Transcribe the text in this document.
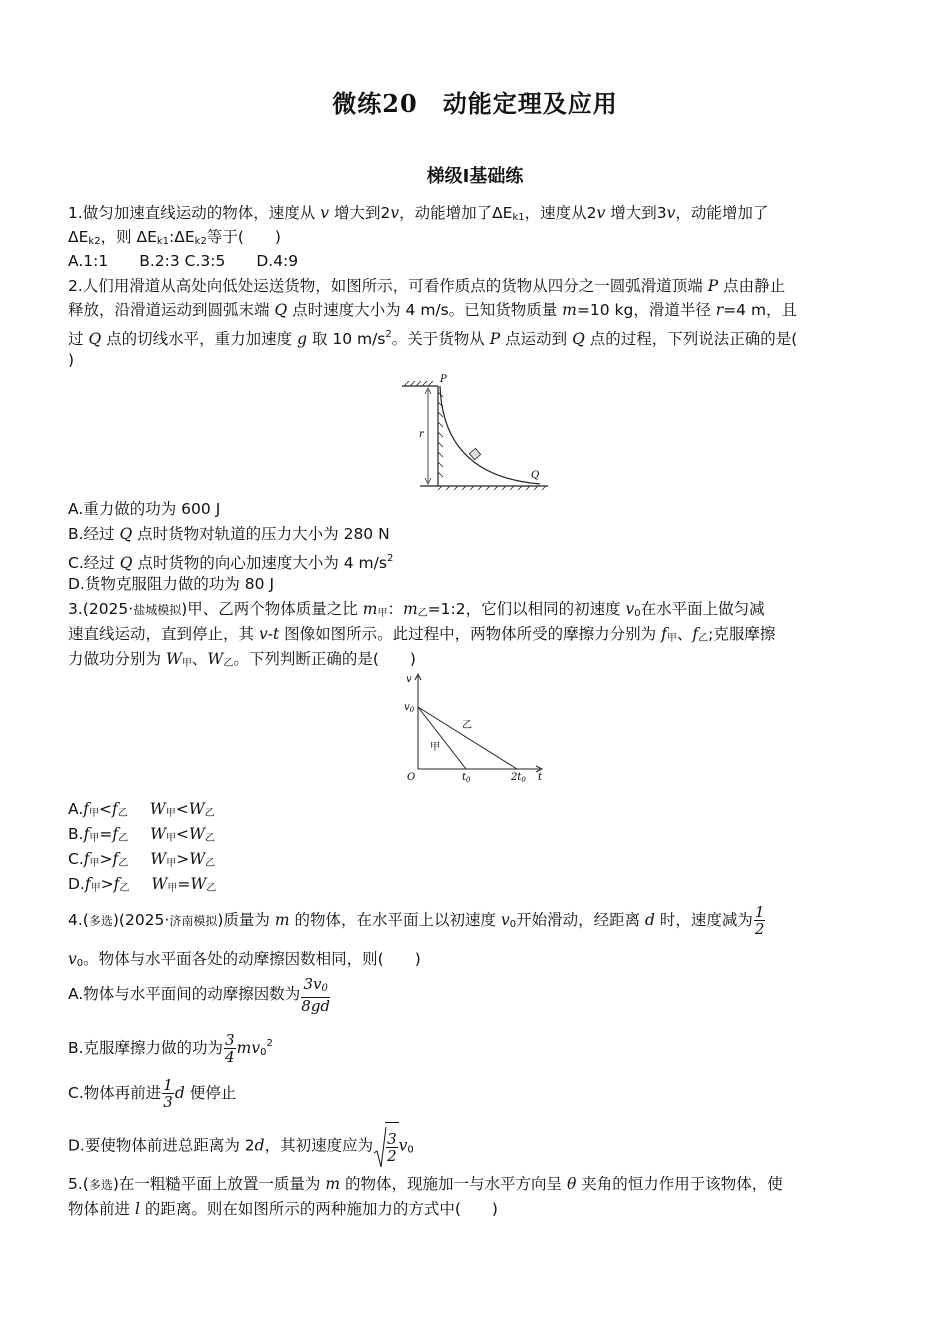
微练20　动能定理及应用
梯级Ⅰ基础练
1.做匀加速直线运动的物体，速度从 v 增大到2v，动能增加了$\Delta E_{k1}$，速度从2v 增大到3v，动能增加了
$\Delta E_{k2}$，则 $\Delta E_{k1}:\Delta E_{k2}$等于(　　)
A.1:1　　B.2:3 C.3:5　　D.4:9
2.人们用滑道从高处向低处运送货物，如图所示，可看作质点的货物从四分之一圆弧滑道顶端 P 点由静止
释放，沿滑道运动到圆弧末端 Q 点时速度大小为 4 m/s。已知货物质量 m=10 kg，滑道半径 r=4 m，且
过 Q 点的切线水平，重力加速度 g 取 10 $m/s^2$。关于货物从 P 点运动到 Q 点的过程，下列说法正确的是(
)
P
Q
r
A.重力做的功为 600 J
B.经过 Q 点时货物对轨道的压力大小为 280 N
C.经过 Q 点时货物的向心加速度大小为 4 $m/s^2$
D.货物克服阻力做的功为 80 J
3.(2025·盐城模拟)甲、乙两个物体质量之比 $m_甲$：$m_乙=1:2$，它们以相同的初速度 $v_0$在水平面上做匀减
速直线运动，直到停止，其 v-t 图像如图所示。此过程中，两物体所受的摩擦力分别为 $f_甲$、$f_乙$;克服摩擦
力做功分别为 $W_甲$、$W_乙$。下列判断正确的是(　　)
v
$v_0$
O	$t_0$	$2t_0$ t
甲
乙
$A.f_甲<f_乙$ $W_甲<W_乙$
$B.f_甲=f_乙$ $W_甲<W_乙$
$C.f_甲>f_乙$ $W_甲>W_乙$
$D.f_甲>f_乙$ $W_甲=W_乙$
4.(多选)(2025·济南模拟)质量为 m 的物体，在水平面上以初速度 $v_0$开始滑动，经距离 d 时，速度减为 $\frac{1}{2}$
$v_0$。物体与水平面各处的动摩擦因数相同，则(　　)
A.物体与水平面间的动摩擦因数为 $\frac{3v_0}{8gd}$
B.克服摩擦力做的功为 $\frac{3}{4} mv_0^2$
C.物体再前进 $\frac{1}{3}$ d 便停止
D.要使物体前进总距离为 2d，其初速度应为 $\frac{3}{2} v_0$
5.(多选)在一粗糙平面上放置一质量为 m 的物体，现施加一与水平方向呈 θ 夹角的恒力作用于该物体，使
物体前进 l 的距离。则在如图所示的两种施加力的方式中(　　)
